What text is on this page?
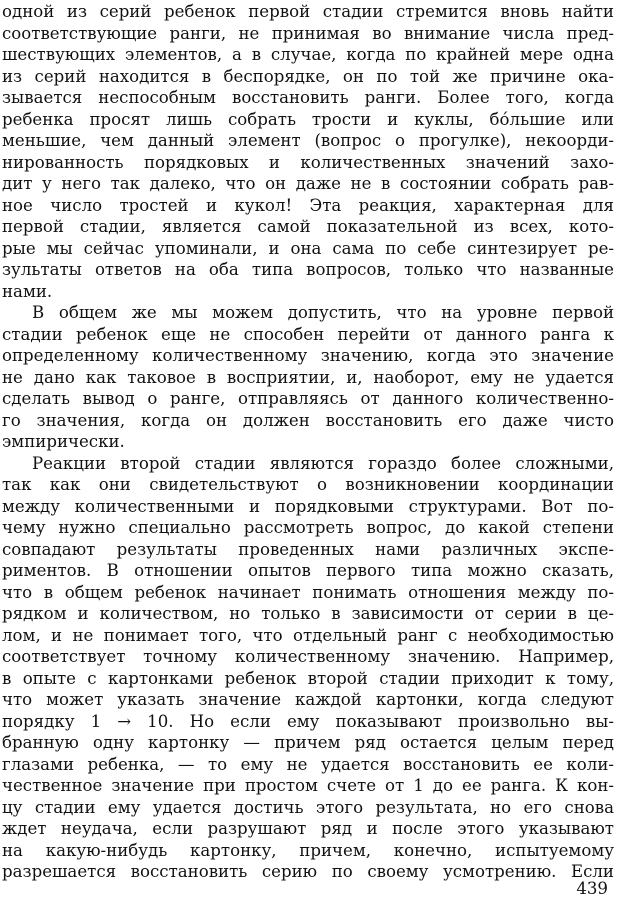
одной из серий ребенок первой стадии стремится вновь найти
соответствующие ранги, не принимая во внимание числа пред-
шествующих элементов, а в случае, когда по крайней мере одна
из серий находится в беспорядке, он по той же причине ока-
зывается неспособным восстановить ранги. Более того, когда
ребенка просят лишь собрать трости и куклы, бо́льшие или
меньшие, чем данный элемент (вопрос о прогулке), некоорди-
нированность порядковых и количественных значений захо-
дит у него так далеко, что он даже не в состоянии собрать рав-
ное число тростей и кукол! Эта реакция, характерная для
первой стадии, является самой показательной из всех, кото-
рые мы сейчас упоминали, и она сама по себе синтезирует ре-
зультаты ответов на оба типа вопросов, только что названные
нами.
В общем же мы можем допустить, что на уровне первой
стадии ребенок еще не способен перейти от данного ранга к
определенному количественному значению, когда это значение
не дано как таковое в восприятии, и, наоборот, ему не удается
сделать вывод о ранге, отправляясь от данного количественно-
го значения, когда он должен восстановить его даже чисто
эмпирически.
Реакции второй стадии являются гораздо более сложными,
так как они свидетельствуют о возникновении координации
между количественными и порядковыми структурами. Вот по-
чему нужно специально рассмотреть вопрос, до какой степени
совпадают результаты проведенных нами различных экспе-
риментов. В отношении опытов первого типа можно сказать,
что в общем ребенок начинает понимать отношения между по-
рядком и количеством, но только в зависимости от серии в це-
лом, и не понимает того, что отдельный ранг с необходимостью
соответствует точному количественному значению. Например,
в опыте с картонками ребенок второй стадии приходит к тому,
что может указать значение каждой картонки, когда следуют
порядку 1 → 10. Но если ему показывают произвольно вы-
бранную одну картонку — причем ряд остается целым перед
глазами ребенка, — то ему не удается восстановить ее коли-
чественное значение при простом счете от 1 до ее ранга. К кон-
цу стадии ему удается достичь этого результата, но его снова
ждет неудача, если разрушают ряд и после этого указывают
на какую-нибудь картонку, причем, конечно, испытуемому
разрешается восстановить серию по своему усмотрению. Если
439
